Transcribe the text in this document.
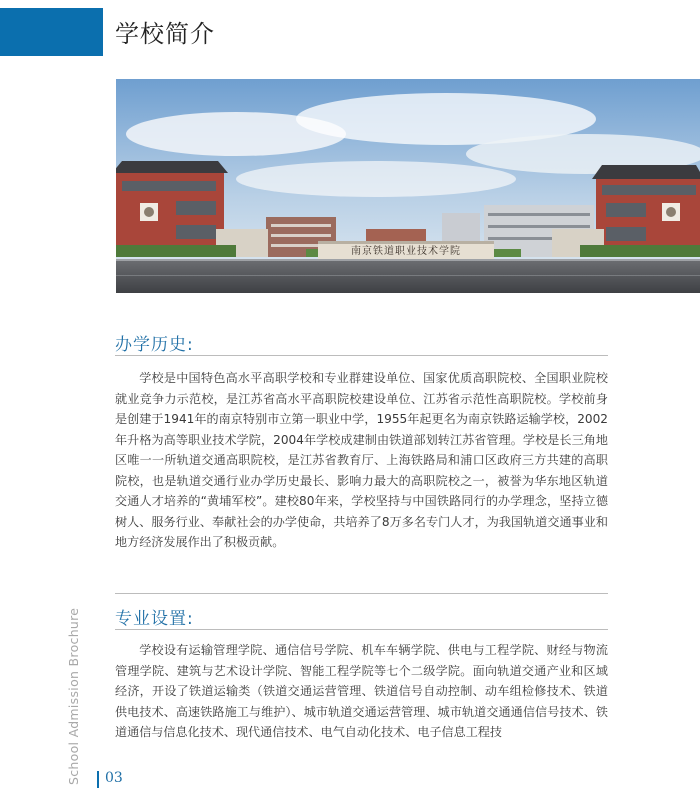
学校简介
南京铁道职业技术学院
办学历史:

学校是中国特色高水平高职学校和专业群建设单位、国家优质高职院校、全国职业院校就业竞争力示范校，是江苏省高水平高职院校建设单位、江苏省示范性高职院校。学校前身是创建于1941年的南京特别市立第一职业中学，1955年起更名为南京铁路运输学校，2002年升格为高等职业技术学院，2004年学校成建制由铁道部划转江苏省管理。学校是长三角地区唯一一所轨道交通高职院校，是江苏省教育厅、上海铁路局和浦口区政府三方共建的高职院校，也是轨道交通行业办学历史最长、影响力最大的高职院校之一，被誉为华东地区轨道交通人才培养的“黄埔军校”。建校80年来，学校坚持与中国铁路同行的办学理念，坚持立德树人、服务行业、奉献社会的办学使命，共培养了8万多名专门人才，为我国轨道交通事业和地方经济发展作出了积极贡献。

专业设置:

学校设有运输管理学院、通信信号学院、机车车辆学院、供电与工程学院、财经与物流管理学院、建筑与艺术设计学院、智能工程学院等七个二级学院。面向轨道交通产业和区域经济，开设了铁道运输类（铁道交通运营管理、铁道信号自动控制、动车组检修技术、铁道供电技术、高速铁路施工与维护）、城市轨道交通运营管理、城市轨道交通通信信号技术、铁道通信与信息化技术、现代通信技术、电气自动化技术、电子信息工程技

School Admission Brochure 03
